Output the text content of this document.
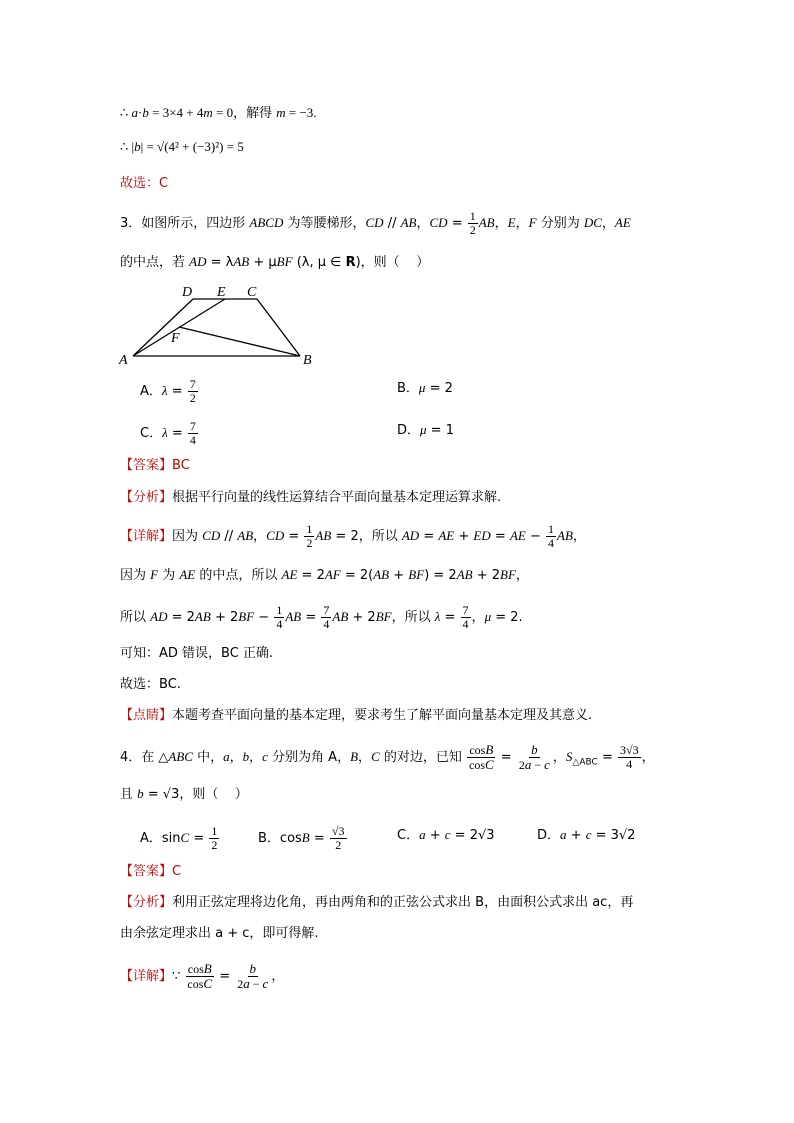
∴ a·b = 3×4 + 4m = 0，解得 m = −3.
∴ |b| = √(4² + (−3)²) = 5
故选：C
3．如图所示，四边形 ABCD 为等腰梯形，CD // AB，CD = $\frac{1}{2}$ AB，E，F 分别为 DC，AE
的中点，若 AD = λAB + μBF (λ, μ ∈ R)，则（    ）
D E C
F
A	B
A．$\lambda = \frac{7}{2}$	B．μ = 2
C．$\lambda = \frac{7}{4}$	D．μ = 1
【答案】BC
【分析】根据平行向量的线性运算结合平面向量基本定理运算求解.
【详解】因为 CD // AB，CD = $\frac{1}{2}$ AB = 2，所以 AD = AE + ED = AE − $\frac{1}{4}$ AB，
因为 F 为 AE 的中点，所以 AE = 2AF = 2(AB + BF) = 2AB + 2BF，
所以 AD = $2AB + 2BF - \frac{1}{4}$ AB = $\frac{7}{4}$ AB + 2BF，所以 $\lambda = \frac{7}{4}$ ，μ = 2.
可知：AD 错误，BC 正确.
故选：BC.
【点睛】本题考查平面向量的基本定理，要求考生了解平面向量基本定理及其意义.
4．在 △ABC 中，a，b，c 分别为角 A，B，C 的对边，已知 $\frac{\cos B}{\cos C} = \frac{b}{2a - c}$ ，$S_{\triangle ABC} = \frac{3√3}{4}$ ，
且 b = √3，则（    ）
A．$\sin C = \frac{1}{2}$	B．$\cos B = \frac{√3}{2}$	C．a + c = 2√3	D．a + c = 3√2
【答案】C
【分析】利用正弦定理将边化角，再由两角和的正弦公式求出 B，由面积公式求出 ac，再
由余弦定理求出 a + c，即可得解.
【详解】∵ $\frac{\cos B}{\cos C} = \frac{b}{2a - c}$ ，
